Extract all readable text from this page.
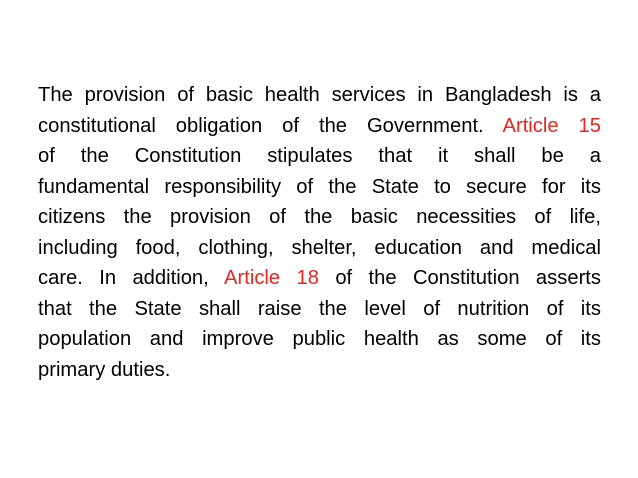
The provision of basic health services in Bangladesh is a
constitutional obligation of the Government. Article 15
of the Constitution stipulates that it shall be a
fundamental responsibility of the State to secure for its
citizens the provision of the basic necessities of life,
including food, clothing, shelter, education and medical
care. In addition, Article 18 of the Constitution asserts
that the State shall raise the level of nutrition of its
population and improve public health as some of its
primary duties.
